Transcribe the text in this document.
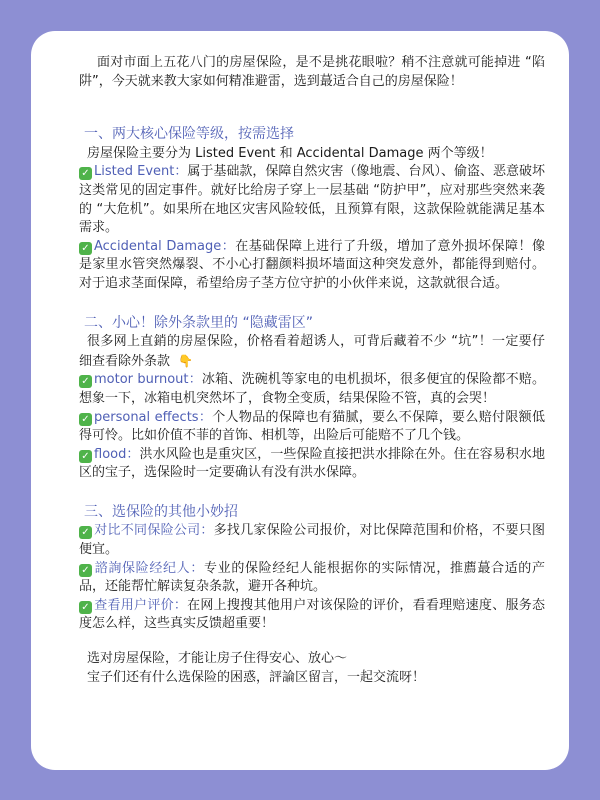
面对市面上五花八门的房屋保险，是不是挑花眼啦？稍不注意就可能掉进 “陷阱”，今天就来教大家如何精准避雷，选到蕞适合自己的房屋保险！

一、两大核心保险等级，按需选择

房屋保险主要分为 Listed Event 和 Accidental Damage 两个等级！

✓ Listed Event：属于基础款，保障自然灾害（像地震、台风）、偷盗、恶意破坏这类常见的固定事件。就好比给房子穿上一层基础 “防护甲”，应对那些突然来袭的 “大危机”。如果所在地区灾害风险较低，且预算有限，这款保险就能满足基本需求。

✓ Accidental Damage：在基础保障上进行了升级，增加了意外损坏保障！像是家里水管突然爆裂、不小心打翻颜料损坏墙面这种突发意外，都能得到赔付。对于追求茎面保障，希望给房子茎方位守护的小伙伴来说，这款就很合适。

二、小心！除外条款里的 “隐藏雷区”

很多网上直銷的房屋保险，价格看着超诱人，可背后藏着不少 “坑”！一定要仔细查看除外条款 👇

✓ motor burnout：冰箱、洗碗机等家电的电机损坏，很多便宜的保险都不赔。想象一下，冰箱电机突然坏了，食物全变质，结果保险不管，真的会哭！

✓ personal effects：个人物品的保障也有猫腻，要么不保障，要么赔付限额低得可怜。比如价值不菲的首饰、相机等，出险后可能赔不了几个钱。

✓ flood：洪水风险也是重灾区，一些保险直接把洪水排除在外。住在容易积水地区的宝子，选保险时一定要确认有没有洪水保障。

三、选保险的其他小妙招

✓ 对比不同保险公司：多找几家保险公司报价，对比保障范围和价格，不要只图便宜。

✓ 諮詢保险经纪人：专业的保险经纪人能根据你的实际情况，推薦蕞合适的产品，还能帮忙解读复杂条款，避开各种坑。

✓ 查看用户评价：在网上搜搜其他用户对该保险的评价，看看理赔速度、服务态度怎么样，这些真实反馈超重要！

选对房屋保险，才能让房子住得安心、放心～

宝子们还有什么选保险的困惑，評論区留言，一起交流呀！
